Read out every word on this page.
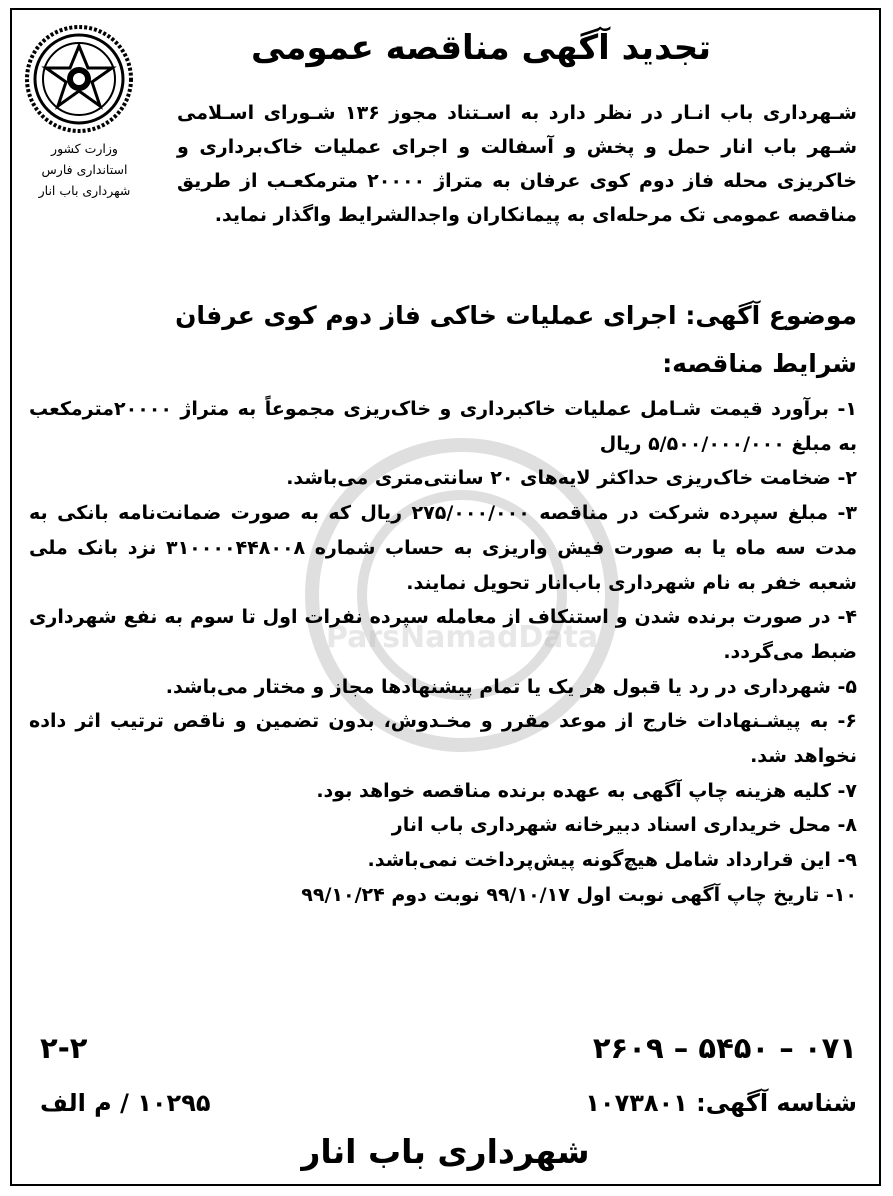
وزارت کشور
استانداری فارس
شهرداری باب انار
ParsNamadData
تجدید آگهی مناقصه عمومی
شـهرداری باب انـار در نظر دارد به اسـتناد مجوز ۱۳۶ شـورای اسـلامی شـهر باب انار حمل و پخش و آسفالت و اجرای عملیات خاک‌برداری و خاکریزی محله فاز دوم کوی عرفان به متراژ ۲۰۰۰۰ مترمکعـب از طریق مناقصه عمومی تک مرحله‌ای به پیمانکاران واجدالشرایط واگذار نماید.
موضوع آگهی: اجرای عملیات خاکی فاز دوم کوی عرفان
شرایط مناقصه:

۱- برآورد قیمت شـامل عملیات خاکبرداری و خاک‌ریزی مجموعاً به متراژ ۲۰۰۰۰مترمکعب به مبلغ ۵/۵۰۰/۰۰۰/۰۰۰ ریال

۲- ضخامت خاک‌ریزی حداکثر لایه‌های ۲۰ سانتی‌متری می‌باشد.

۳- مبلغ سپرده شرکت در مناقصه ۲۷۵/۰۰۰/۰۰۰ ریال که به صورت ضمانت‌نامه بانکی به مدت سه ماه یا به صورت فیش واریزی به حساب شماره ۳۱۰۰۰۰۴۴۸۰۰۸ نزد بانک ملی شعبه خفر به نام شهرداری باب‌انار تحویل نمایند.

۴- در صورت برنده شدن و استنکاف از معامله سپرده نفرات اول تا سوم به نفع شهرداری ضبط می‌گردد.

۵- شهرداری در رد یا قبول هر یک یا تمام پیشنهادها مجاز و مختار می‌باشد.

۶- به پیشـنهادات خارج از موعد مقرر و مخـدوش، بدون تضمین و ناقص ترتیب اثر داده نخواهد شد.

۷- کلیه هزینه چاپ آگهی به عهده برنده مناقصه خواهد بود.

۸- محل خریداری اسناد دبیرخانه شهرداری باب انار

۹- این قرارداد شامل هیچ‌گونه پیش‌پرداخت نمی‌باشد.

۱۰- تاریخ چاپ آگهی نوبت اول ۹۹/۱۰/۱۷ نوبت دوم ۹۹/۱۰/۲۴

۰۷۱ – ۵۴۵۰ – ۲۶۰۹
۲-۲
شناسه آگهی: ۱۰۷۳۸۰۱
۱۰۲۹۵ / م الف
شهرداری باب انار
